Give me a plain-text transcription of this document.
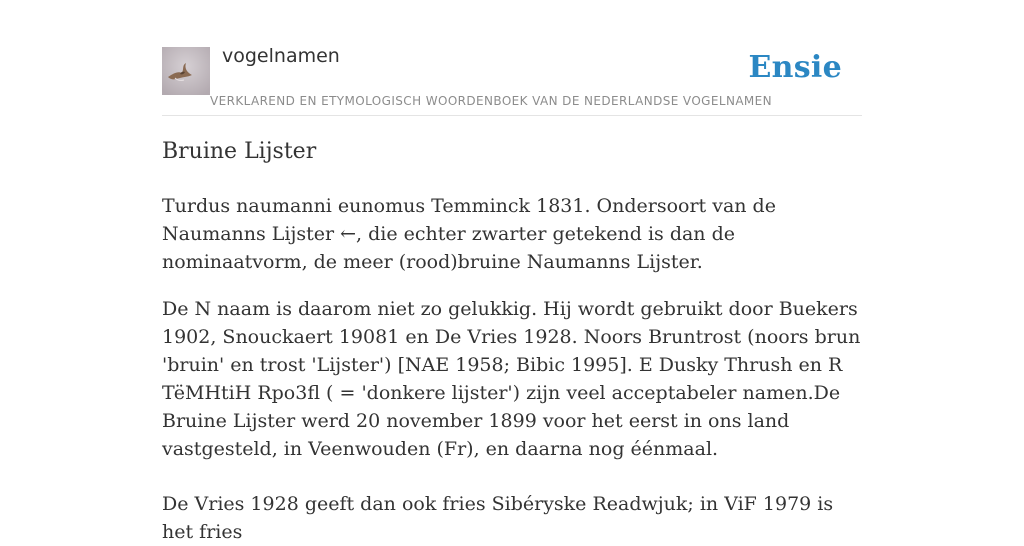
vogelnamen	Ensie
VERKLAREND EN ETYMOLOGISCH WOORDENBOEK VAN DE NEDERLANDSE VOGELNAMEN
Bruine Lijster

Turdus naumanni eunomus Temminck 1831. Ondersoort van de Naumanns Lijster ←, die echter zwarter getekend is dan de nominaatvorm, de meer (rood)bruine Naumanns Lijster.

De N naam is daarom niet zo gelukkig. Hij wordt gebruikt door Buekers 1902, Snouckaert 19081 en De Vries 1928. Noors Bruntrost (noors brun 'bruin' en trost 'Lijster') [NAE 1958; Bibic 1995]. E Dusky Thrush en R TëMHtiH Rpo3fl ( = 'donkere lijster') zijn veel acceptabeler namen.De Bruine Lijster werd 20 november 1899 voor het eerst in ons land vastgesteld, in Veenwouden (Fr), en daarna nog éénmaal.

De Vries 1928 geeft dan ook fries Sibéryske Readwjuk; in ViF 1979 is het fries
